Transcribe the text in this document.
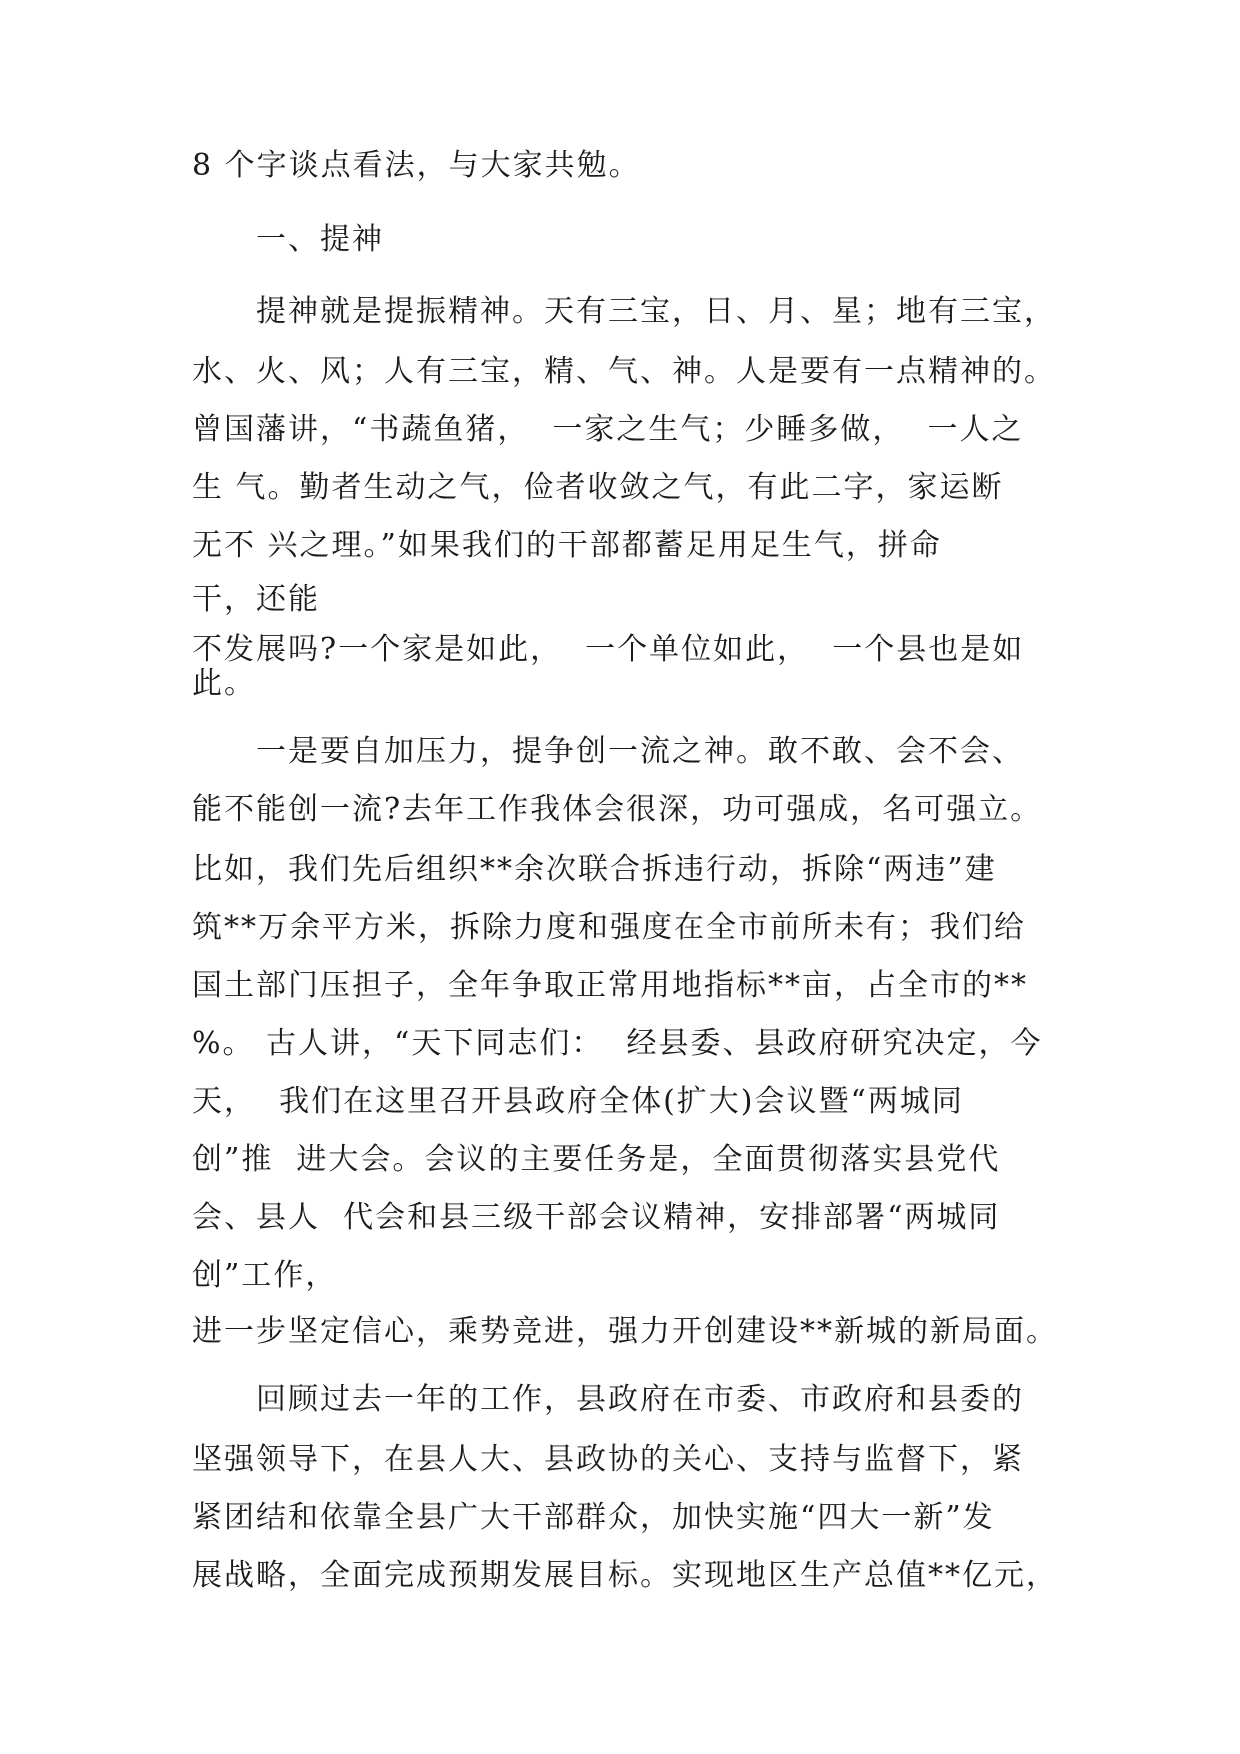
8 个字谈点看法，与大家共勉。

一、提神

提神就是提振精神。天有三宝，日、月、星；地有三宝，

水、火、风；人有三宝，精、气、神。人是要有一点精神的。

曾国藩讲，“书蔬鱼猪，  一家之生气；少睡多做，  一人之

生 气。勤者生动之气，俭者收敛之气，有此二字，家运断

无不 兴之理。”如果我们的干部都蓄足用足生气，拼命

干，还能

不发展吗?一个家是如此，  一个单位如此，  一个县也是如

此。

一是要自加压力，提争创一流之神。敢不敢、会不会、

能不能创一流?去年工作我体会很深，功可强成，名可强立。

比如，我们先后组织**余次联合拆违行动，拆除“两违”建

筑**万余平方米，拆除力度和强度在全市前所未有；我们给

国土部门压担子，全年争取正常用地指标**亩，占全市的**

%。 古人讲，“天下同志们：  经县委、县政府研究决定，今

天，  我们在这里召开县政府全体(扩大)会议暨“两城同

创”推  进大会。会议的主要任务是，全面贯彻落实县党代

会、县人  代会和县三级干部会议精神，安排部署“两城同

创”工作，

进一步坚定信心，乘势竞进，强力开创建设**新城的新局面。

回顾过去一年的工作，县政府在市委、市政府和县委的

坚强领导下，在县人大、县政协的关心、支持与监督下，紧

紧团结和依靠全县广大干部群众，加快实施“四大一新”发

展战略，全面完成预期发展目标。实现地区生产总值**亿元，
